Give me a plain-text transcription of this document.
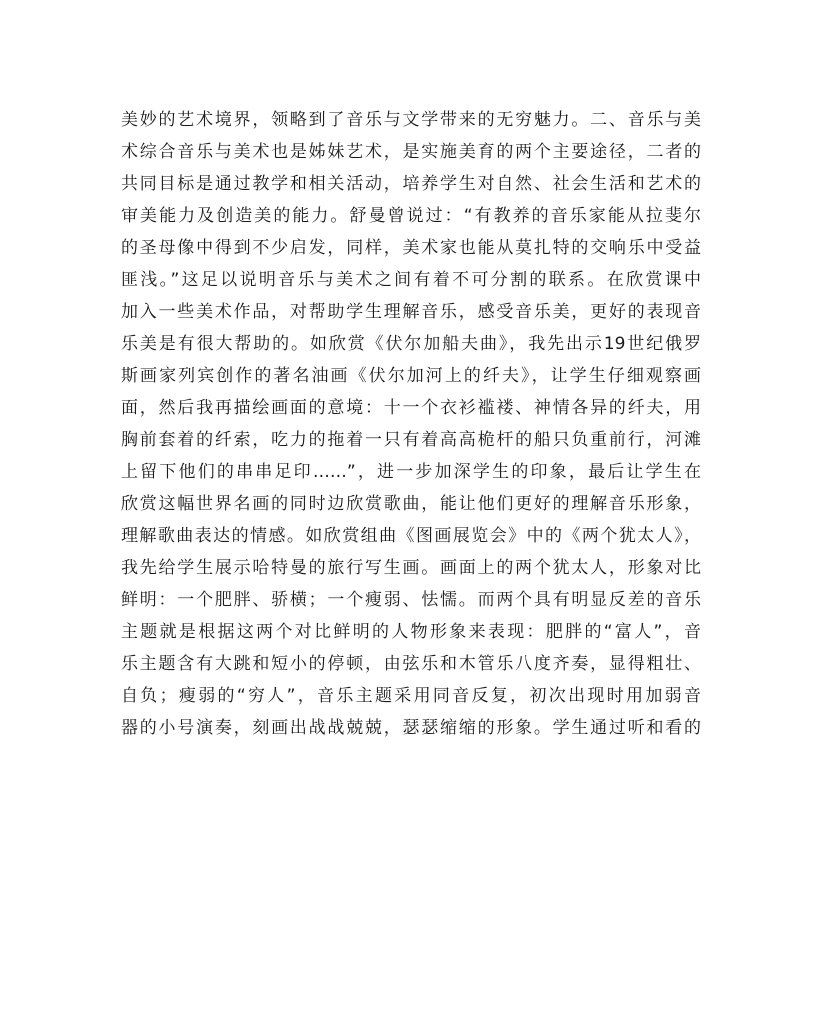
美妙的艺术境界，领略到了音乐与文学带来的无穷魅力。二、音乐与美
术综合音乐与美术也是姊妹艺术，是实施美育的两个主要途径，二者的
共同目标是通过教学和相关活动，培养学生对自然、社会生活和艺术的
审美能力及创造美的能力。舒曼曾说过：“有教养的音乐家能从拉斐尔
的圣母像中得到不少启发，同样，美术家也能从莫扎特的交响乐中受益
匪浅。”这足以说明音乐与美术之间有着不可分割的联系。在欣赏课中
加入一些美术作品，对帮助学生理解音乐，感受音乐美，更好的表现音
乐美是有很大帮助的。如欣赏《伏尔加船夫曲》，我先出示19世纪俄罗
斯画家列宾创作的著名油画《伏尔加河上的纤夫》，让学生仔细观察画
面，然后我再描绘画面的意境：十一个衣衫褴褛、神情各异的纤夫，用
胸前套着的纤索，吃力的拖着一只有着高高桅杆的船只负重前行，河滩
上留下他们的串串足印……”，进一步加深学生的印象，最后让学生在
欣赏这幅世界名画的同时边欣赏歌曲，能让他们更好的理解音乐形象，
理解歌曲表达的情感。如欣赏组曲《图画展览会》中的《两个犹太人》，
我先给学生展示哈特曼的旅行写生画。画面上的两个犹太人，形象对比
鲜明：一个肥胖、骄横；一个瘦弱、怯懦。而两个具有明显反差的音乐
主题就是根据这两个对比鲜明的人物形象来表现：肥胖的“富人”，音
乐主题含有大跳和短小的停顿，由弦乐和木管乐八度齐奏，显得粗壮、
自负；瘦弱的“穷人”，音乐主题采用同音反复，初次出现时用加弱音
器的小号演奏，刻画出战战兢兢，瑟瑟缩缩的形象。学生通过听和看的
